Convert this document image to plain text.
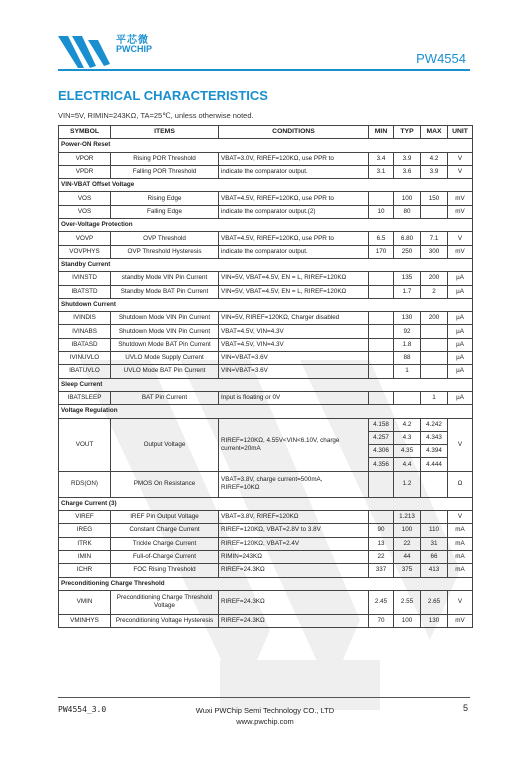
平芯微
PWCHIP
PW4554
ELECTRICAL CHARACTERISTICS
VIN=5V, RIMIN=243KΩ, TA=25℃, unless otherwise noted.
SYMBOL	ITEMS	CONDITIONS	MIN	TYP	MAX	UNIT
Power-ON Reset						
VPOR	Rising POR Threshold	VBAT=3.0V, RIREF=120KΩ, use PPR to	3.4	3.9	4.2	V
VPDR	Falling POR Threshold	indicate the comparator output.	3.1	3.6	3.9	V
VIN-VBAT Offset Voltage						
VOS	Rising Edge	VBAT=4.5V, RIREF=120KΩ, use PPR to		100	150	mV
VOS	Falling Edge	indicate the comparator output.(2)	10	80		mV
Over-Voltage Protection						
VOVP	OVP Threshold	VBAT=4.5V, RIREF=120KΩ, use PPR to	6.5	6.80	7.1	V
VOVPHYS	OVP Threshold Hysteresis	indicate the comparator output.	170	250	300	mV
Standby Current						
IVINSTD	standby Mode VIN Pin Current	VIN=5V, VBAT=4.5V, EN = L, RIREF=120KΩ		135	200	µA
IBATSTD	Standby Mode BAT Pin Current	VIN=5V, VBAT=4.5V, EN = L, RIREF=120KΩ		1.7	2	µA
Shutdown Current						
IVINDIS	Shutdown Mode VIN Pin Current	VIN=5V, RIREF=120KΩ, Charger disabled		130	200	µA
IVINABS	Shutdown Mode VIN Pin Current	VBAT=4.5V, VIN=4.3V		92		µA
IBATASD	Shutdown Mode BAT Pin Current	VBAT=4.5V, VIN=4.3V		1.8		µA
IVINUVLO	UVLO Mode Supply Current	VIN=VBAT=3.6V		88		µA
IBATUVLO	UVLO Mode BAT Pin Current	VIN=VBAT=3.6V		1		µA
Sleep Current						
IBATSLEEP	BAT Pin Current	Input is floating or 0V			1	µA
Voltage Regulation						
VOUT	Output Voltage	RIREF=120KΩ, 4.55V<VIN<6.10V, charge
current=20mA	4.158	4.2	4.242	V
			4.257	4.3	4.343	
			4.306	4.35	4.394	
			4.356	4.4	4.444	
RDS(ON)	PMOS On Resistance	VBAT=3.8V, charge current=500mA,
RIREF=10KΩ		1.2		Ω
Charge Current (3)						
VIREF	IREF Pin Output Voltage	VBAT=3.8V, RIREF=120KΩ		1.213		V
IREG	Constant Charge Current	RIREF=120KΩ, VBAT=2.8V to 3.8V	90	100	110	mA
ITRK	Trickle Charge Current	RIREF=120KΩ, VBAT=2.4V	13	22	31	mA
IMIN	Full-of-Charge Current	RIMIN=243KΩ	22	44	66	mA
ICHR	FOC Rising Threshold	RIREF=24.3KΩ	337	375	413	mA
Preconditioning Charge Threshold						
VMIN	Preconditioning Charge Threshold
Voltage	RIREF=24.3KΩ	2.45	2.55	2.65	V
VMINHYS	Preconditioning Voltage Hysteresis	RIREF=24.3KΩ	70	100	130	mV
PW4554_3.0	Wuxi PWChip Semi Technology CO., LTD
www.pwchip.com
5
